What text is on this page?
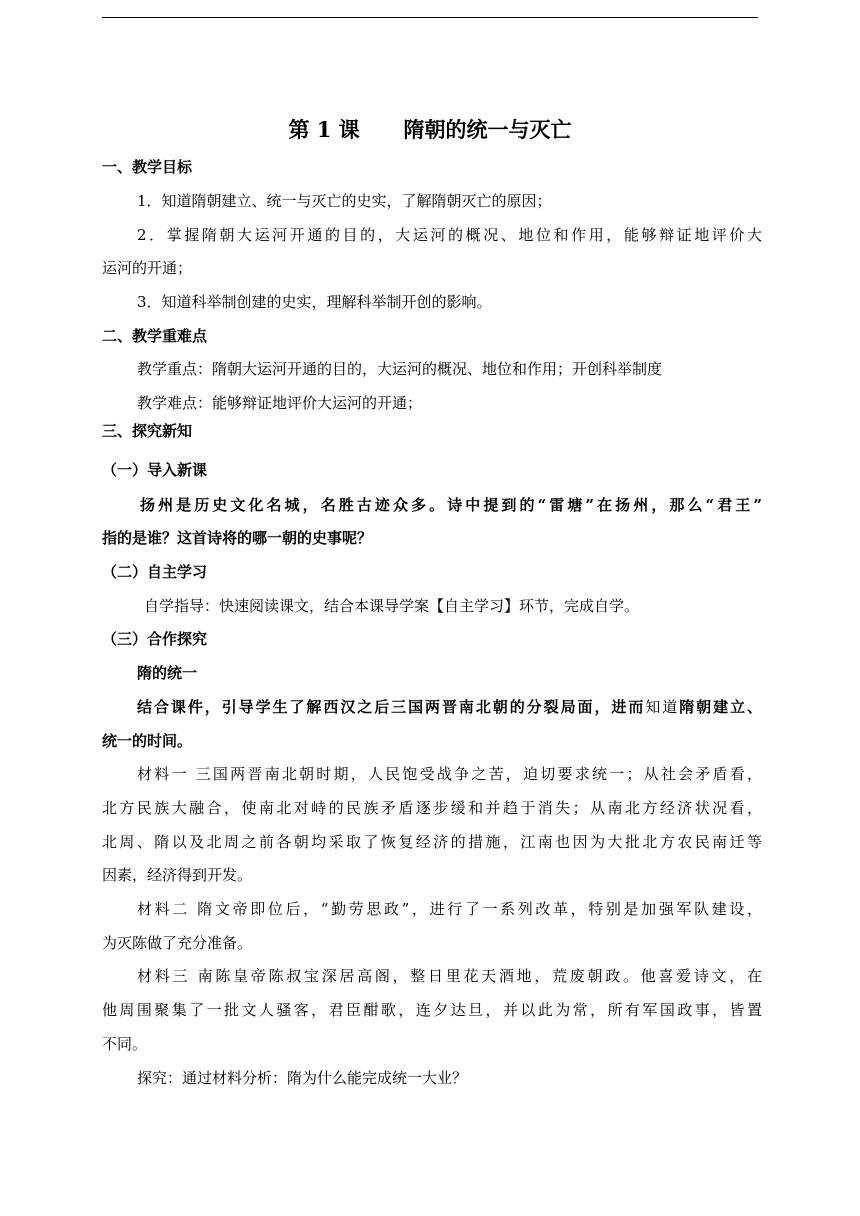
第 1 课      隋朝的统一与灭亡
一、教学目标
1．知道隋朝建立、统一与灭亡的史实，了解隋朝灭亡的原因；
2．掌握隋朝大运河开通的目的，大运河的概况、地位和作用，能够辩证地评价大
运河的开通；
3．知道科举制创建的史实，理解科举制开创的影响。
二、教学重难点
教学重点：隋朝大运河开通的目的，大运河的概况、地位和作用；开创科举制度
教学难点：能够辩证地评价大运河的开通；
三、探究新知
（一）导入新课
扬州是历史文化名城，名胜古迹众多。诗中提到的“雷塘”在扬州，那么“君王”
指的是谁？这首诗将的哪一朝的史事呢？
（二）自主学习
自学指导：快速阅读课文，结合本课导学案【自主学习】环节，完成自学。
（三）合作探究
隋的统一
结合课件，引导学生了解西汉之后三国两晋南北朝的分裂局面，进而知道隋朝建立、
统一的时间。
材料一 三国两晋南北朝时期，人民饱受战争之苦，迫切要求统一；从社会矛盾看，
北方民族大融合，使南北对峙的民族矛盾逐步缓和并趋于消失；从南北方经济状况看，
北周、隋以及北周之前各朝均采取了恢复经济的措施，江南也因为大批北方农民南迁等
因素，经济得到开发。
材料二 隋文帝即位后，“勤劳思政”，进行了一系列改革，特别是加强军队建设，
为灭陈做了充分准备。
材料三 南陈皇帝陈叔宝深居高阁，整日里花天酒地，荒废朝政。他喜爱诗文，在
他周围聚集了一批文人骚客，君臣酣歌，连夕达旦，并以此为常，所有军国政事，皆置
不同。
探究：通过材料分析：隋为什么能完成统一大业？
